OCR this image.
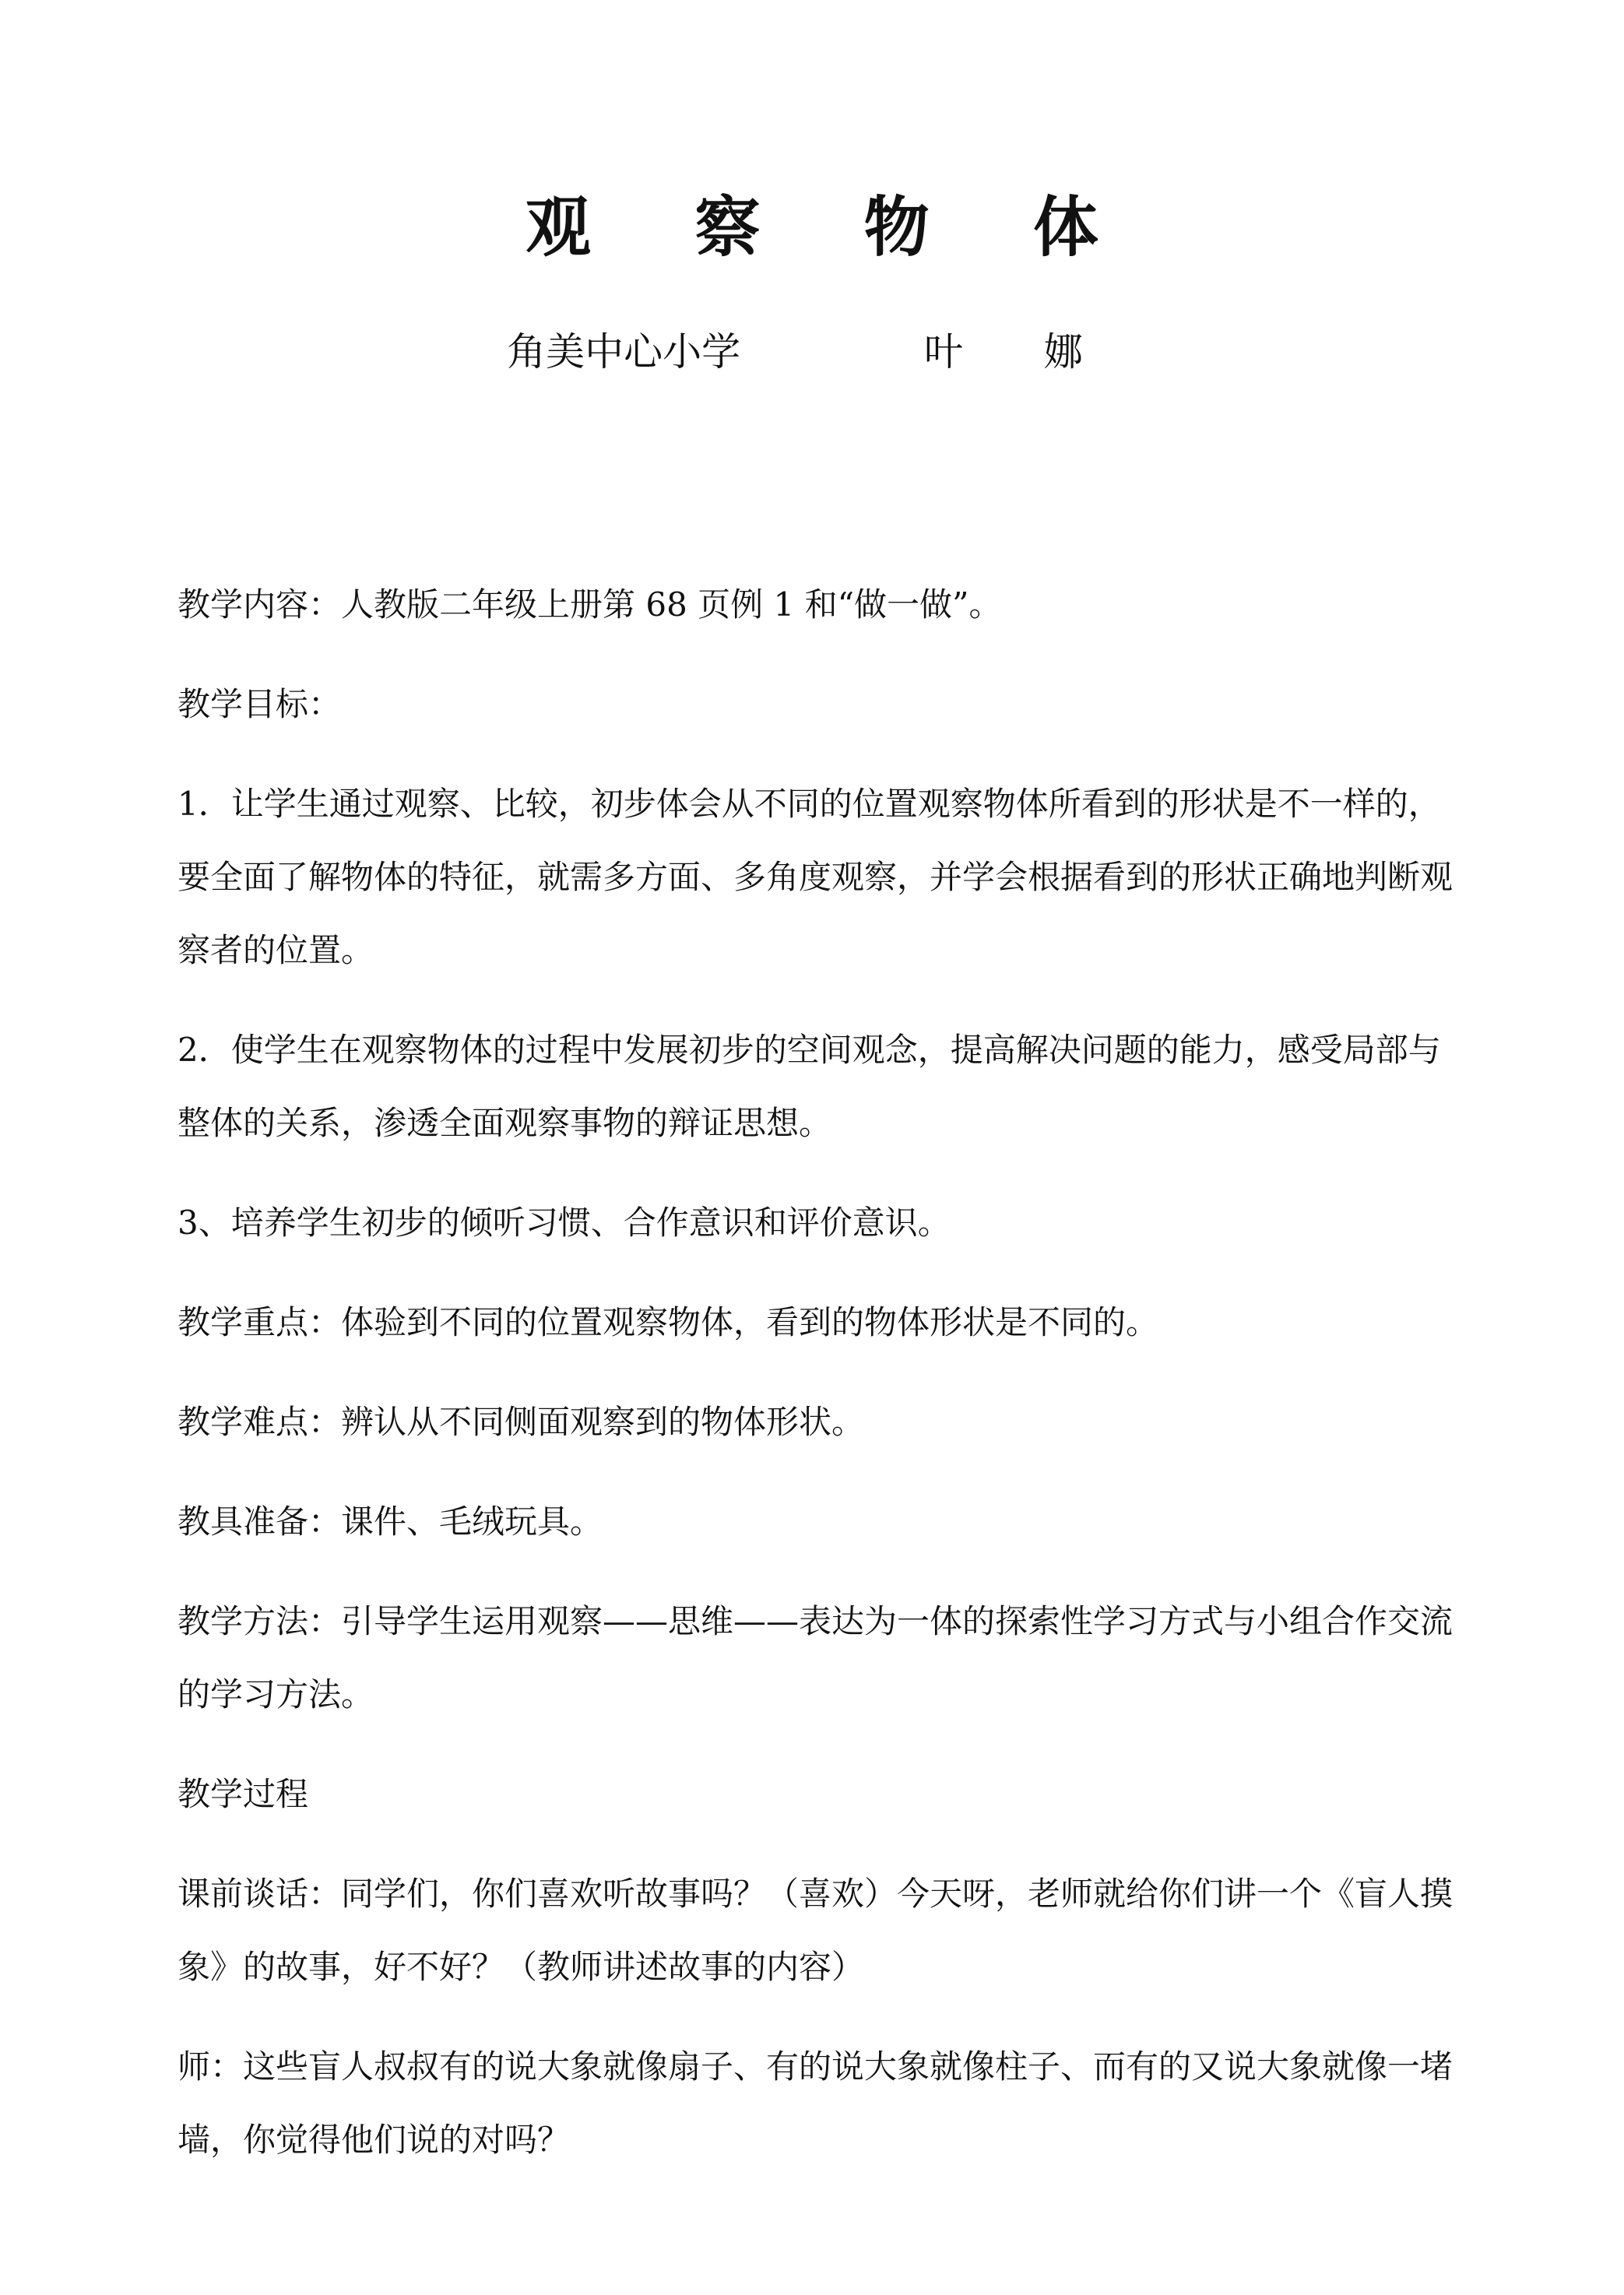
观 察 物 体
角美中心小学	叶 娜

教学内容：人教版二年级上册第 68 页例 1 和“做一做”。

教学目标：

1．让学生通过观察、比较，初步体会从不同的位置观察物体所看到的形状是不一样的，要全面了解物体的特征，就需多方面、多角度观察，并学会根据看到的形状正确地判断观察者的位置。

2．使学生在观察物体的过程中发展初步的空间观念，提高解决问题的能力，感受局部与整体的关系，渗透全面观察事物的辩证思想。

3、培养学生初步的倾听习惯、合作意识和评价意识。

教学重点：体验到不同的位置观察物体，看到的物体形状是不同的。

教学难点：辨认从不同侧面观察到的物体形状。

教具准备：课件、毛绒玩具。

教学方法：引导学生运用观察——思维——表达为一体的探索性学习方式与小组合作交流的学习方法。

教学过程

课前谈话：同学们，你们喜欢听故事吗？（喜欢）今天呀，老师就给你们讲一个《盲人摸象》的故事，好不好？（教师讲述故事的内容）

师：这些盲人叔叔有的说大象就像扇子、有的说大象就像柱子、而有的又说大象就像一堵墙，你觉得他们说的对吗？
